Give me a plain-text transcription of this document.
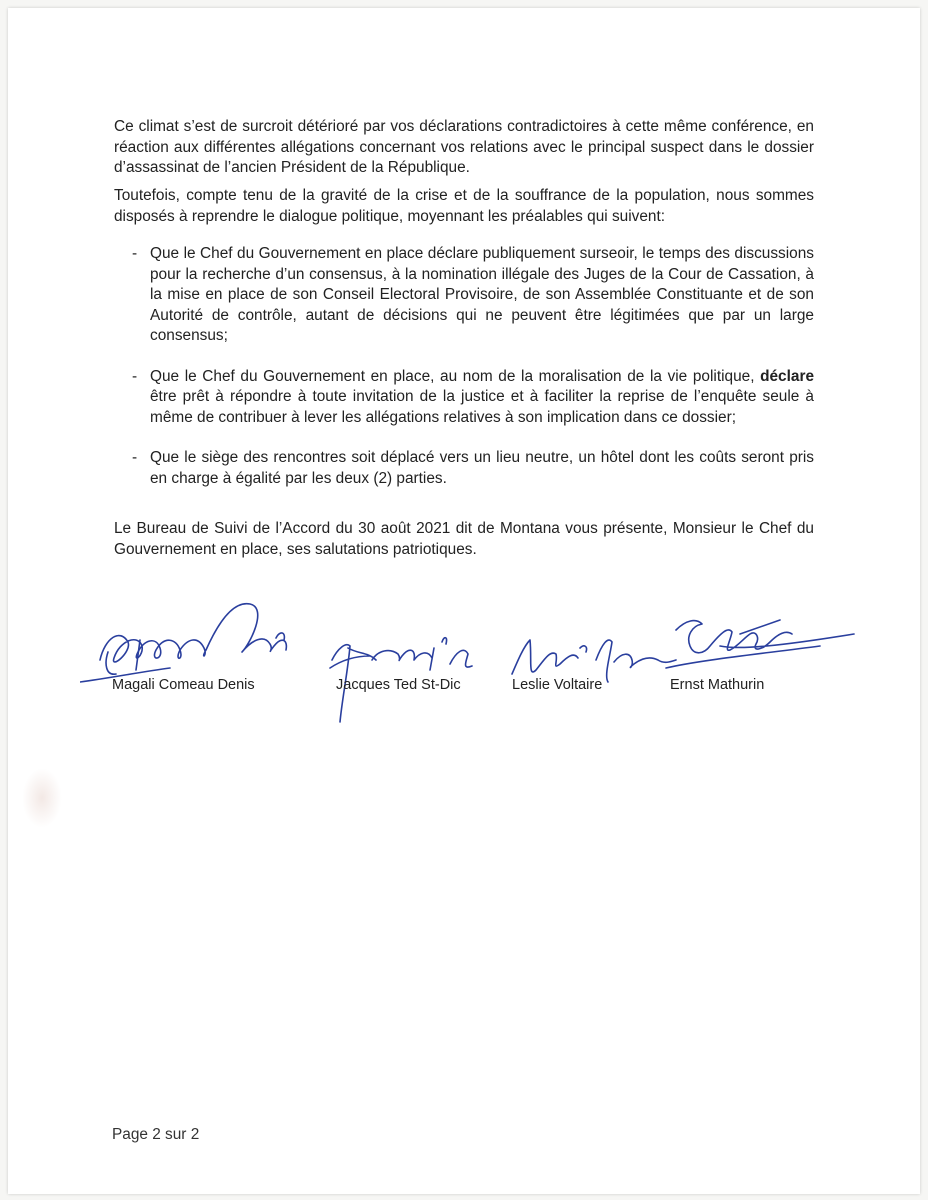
Ce climat s’est de surcroit détérioré par vos déclarations contradictoires à cette même conférence, en réaction aux différentes allégations concernant vos relations avec le principal suspect dans le dossier d’assassinat de l’ancien Président de la République.
Toutefois, compte tenu de la gravité de la crise et de la souffrance de la population, nous sommes disposés à reprendre le dialogue politique, moyennant les préalables qui suivent:
- Que le Chef du Gouvernement en place déclare publiquement surseoir, le temps des discussions pour la recherche d’un consensus, à la nomination illégale des Juges de la Cour de Cassation, à la mise en place de son Conseil Electoral Provisoire, de son Assemblée Constituante et de son Autorité de contrôle, autant de décisions qui ne peuvent être légitimées que par un large consensus;
- Que le Chef du Gouvernement en place, au nom de la moralisation de la vie politique, déclare être prêt à répondre à toute invitation de la justice et à faciliter la reprise de l’enquête seule à même de contribuer à lever les allégations relatives à son implication dans ce dossier;
- Que le siège des rencontres soit déplacé vers un lieu neutre, un hôtel dont les coûts seront pris en charge à égalité par les deux (2) parties.
Le Bureau de Suivi de l’Accord du 30 août 2021 dit de Montana vous présente, Monsieur le Chef du Gouvernement en place, ses salutations patriotiques.
Magali Comeau Denis	Jacques Ted St-Dic	Leslie Voltaire	Ernst Mathurin
Page 2 sur 2
